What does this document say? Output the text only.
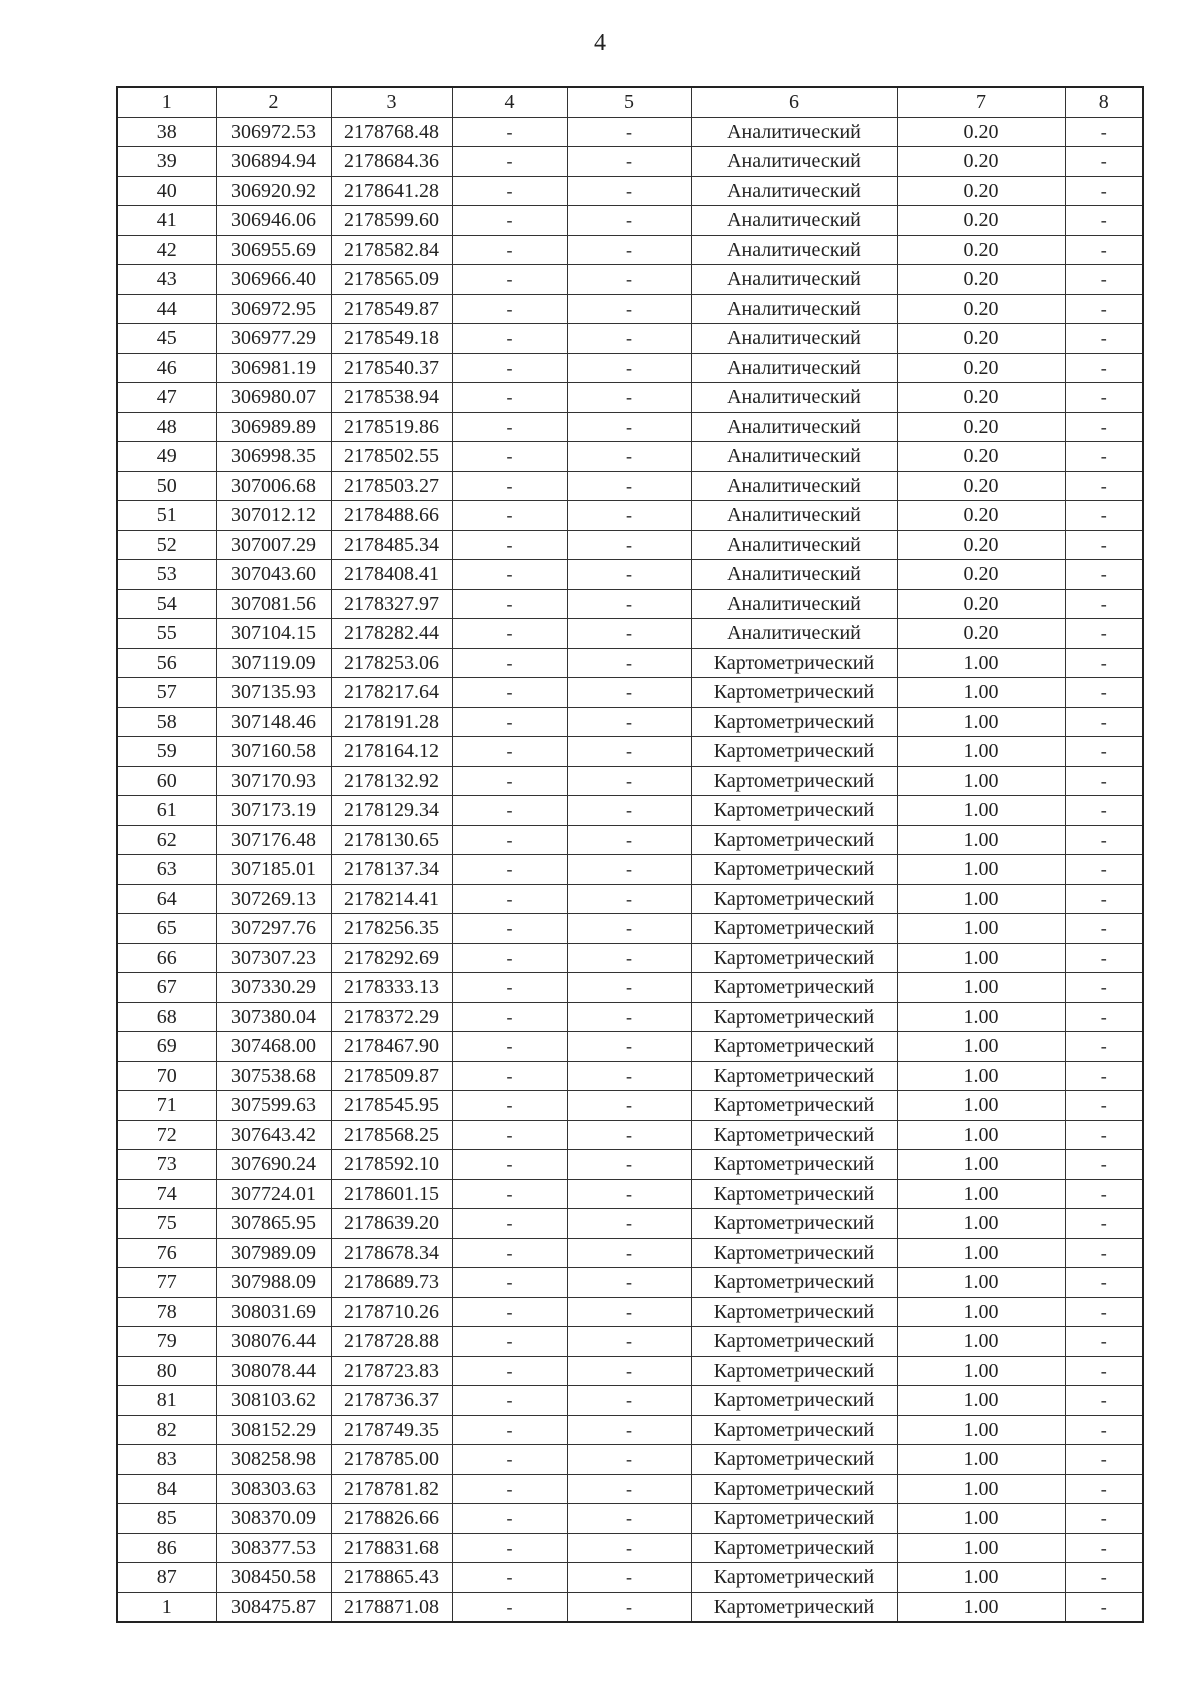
4
1	2	3	4	5	6	7	8
38	306972.53	2178768.48	-	-	Аналитический	0.20	-
39	306894.94	2178684.36	-	-	Аналитический	0.20	-
40	306920.92	2178641.28	-	-	Аналитический	0.20	-
41	306946.06	2178599.60	-	-	Аналитический	0.20	-
42	306955.69	2178582.84	-	-	Аналитический	0.20	-
43	306966.40	2178565.09	-	-	Аналитический	0.20	-
44	306972.95	2178549.87	-	-	Аналитический	0.20	-
45	306977.29	2178549.18	-	-	Аналитический	0.20	-
46	306981.19	2178540.37	-	-	Аналитический	0.20	-
47	306980.07	2178538.94	-	-	Аналитический	0.20	-
48	306989.89	2178519.86	-	-	Аналитический	0.20	-
49	306998.35	2178502.55	-	-	Аналитический	0.20	-
50	307006.68	2178503.27	-	-	Аналитический	0.20	-
51	307012.12	2178488.66	-	-	Аналитический	0.20	-
52	307007.29	2178485.34	-	-	Аналитический	0.20	-
53	307043.60	2178408.41	-	-	Аналитический	0.20	-
54	307081.56	2178327.97	-	-	Аналитический	0.20	-
55	307104.15	2178282.44	-	-	Аналитический	0.20	-
56	307119.09	2178253.06	-	-	Картометрический	1.00	-
57	307135.93	2178217.64	-	-	Картометрический	1.00	-
58	307148.46	2178191.28	-	-	Картометрический	1.00	-
59	307160.58	2178164.12	-	-	Картометрический	1.00	-
60	307170.93	2178132.92	-	-	Картометрический	1.00	-
61	307173.19	2178129.34	-	-	Картометрический	1.00	-
62	307176.48	2178130.65	-	-	Картометрический	1.00	-
63	307185.01	2178137.34	-	-	Картометрический	1.00	-
64	307269.13	2178214.41	-	-	Картометрический	1.00	-
65	307297.76	2178256.35	-	-	Картометрический	1.00	-
66	307307.23	2178292.69	-	-	Картометрический	1.00	-
67	307330.29	2178333.13	-	-	Картометрический	1.00	-
68	307380.04	2178372.29	-	-	Картометрический	1.00	-
69	307468.00	2178467.90	-	-	Картометрический	1.00	-
70	307538.68	2178509.87	-	-	Картометрический	1.00	-
71	307599.63	2178545.95	-	-	Картометрический	1.00	-
72	307643.42	2178568.25	-	-	Картометрический	1.00	-
73	307690.24	2178592.10	-	-	Картометрический	1.00	-
74	307724.01	2178601.15	-	-	Картометрический	1.00	-
75	307865.95	2178639.20	-	-	Картометрический	1.00	-
76	307989.09	2178678.34	-	-	Картометрический	1.00	-
77	307988.09	2178689.73	-	-	Картометрический	1.00	-
78	308031.69	2178710.26	-	-	Картометрический	1.00	-
79	308076.44	2178728.88	-	-	Картометрический	1.00	-
80	308078.44	2178723.83	-	-	Картометрический	1.00	-
81	308103.62	2178736.37	-	-	Картометрический	1.00	-
82	308152.29	2178749.35	-	-	Картометрический	1.00	-
83	308258.98	2178785.00	-	-	Картометрический	1.00	-
84	308303.63	2178781.82	-	-	Картометрический	1.00	-
85	308370.09	2178826.66	-	-	Картометрический	1.00	-
86	308377.53	2178831.68	-	-	Картометрический	1.00	-
87	308450.58	2178865.43	-	-	Картометрический	1.00	-
1	308475.87	2178871.08	-	-	Картометрический	1.00	-
